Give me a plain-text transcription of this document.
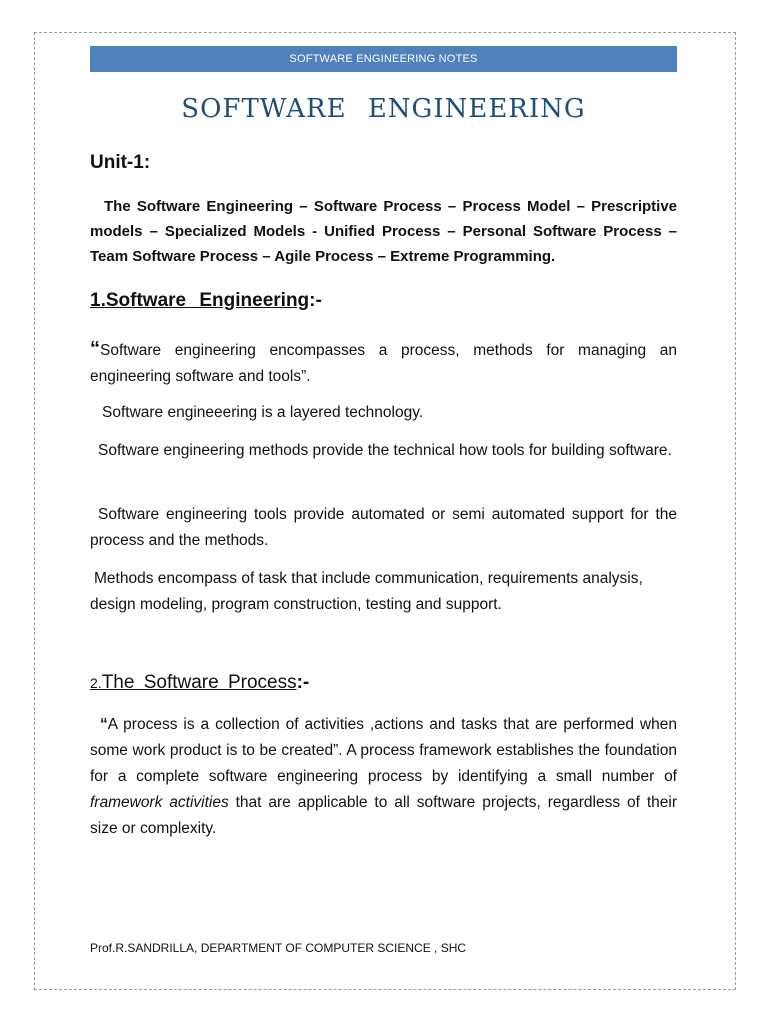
SOFTWARE ENGINEERING NOTES
SOFTWARE ENGINEERING
Unit-1:
The Software Engineering – Software Process – Process Model – Prescriptive models – Specialized Models - Unified Process – Personal Software Process – Team Software Process – Agile Process – Extreme Programming.
1.Software Engineering:-
“Software engineering encompasses a process, methods for managing an engineering software and tools”.
Software engineeering is a layered technology.
Software engineering methods provide the technical how tools for building software.
Software engineering tools provide automated or semi automated support for the process and the methods.
Methods encompass of task that include communication, requirements analysis, design modeling, program construction, testing and support.
2.The Software Process:-
“A process is a collection of activities ,actions and tasks that are performed when some work product is to be created”. A process framework establishes the foundation for a complete software engineering process by identifying a small number of framework activities that are applicable to all software projects, regardless of their size or complexity.
Prof.R.SANDRILLA, DEPARTMENT OF COMPUTER SCIENCE , SHC
